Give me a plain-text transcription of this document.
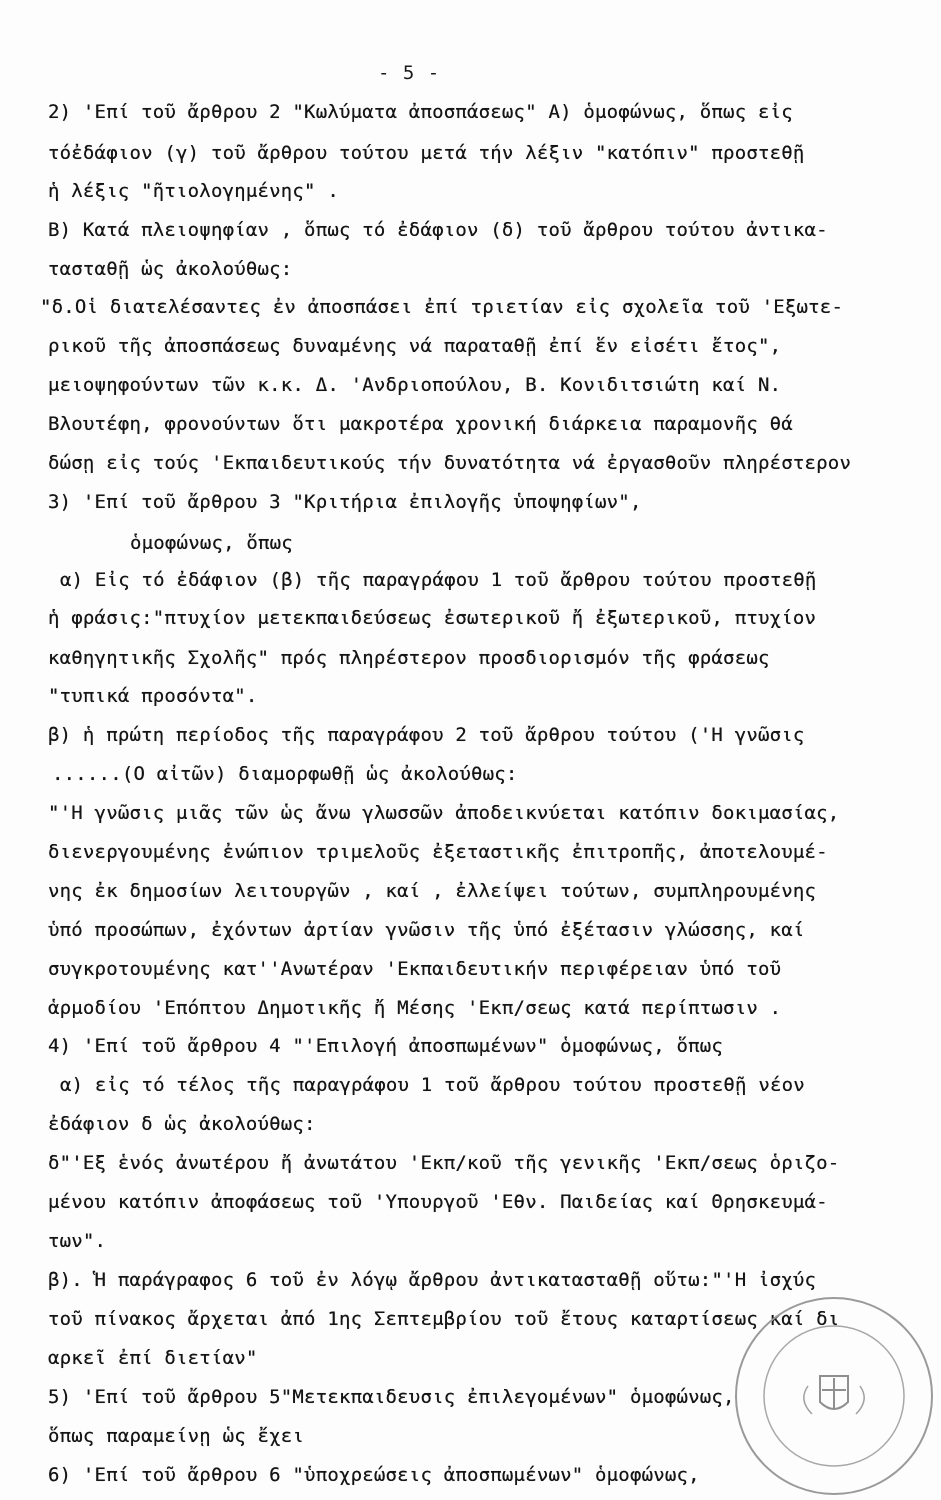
- 5 -
2) 'Επί τοῦ ἄρθρου 2 "Κωλύματα ἀποσπάσεως" Α) ὁμοφώνως, ὅπως εἰς
τόἐδάφιον (γ) τοῦ ἄρθρου τούτου μετά τήν λέξιν "κατόπιν" προστεθῇ
ἡ λέξις "ῆτιολογημένης" .
Β) Κατά πλειοψηφίαν , ὅπως τό ἐδάφιον (δ) τοῦ ἄρθρου τούτου ἀντικα-
τασταθῇ ὡς ἀκολούθως:
"δ.Οἱ διατελέσαντες ἐν ἀποσπάσει ἐπί τριετίαν εἰς σχολεῖα τοῦ 'Εξωτε-
ρικοῦ τῆς ἀποσπάσεως δυναμένης νά παραταθῇ ἐπί ἕν εἰσέτι ἔτος",
μειοψηφούντων τῶν κ.κ. Δ. 'Ανδριοπούλου, Β. Κονιδιτσιώτη καί Ν.
Βλουτέφη, φρονούντων ὅτι μακροτέρα χρονική διάρκεια παραμονῆς θά
δώσῃ εἰς τούς 'Εκπαιδευτικούς τήν δυνατότητα νά ἐργασθοῦν πληρέστερον
3) 'Επί τοῦ ἄρθρου 3 "Κριτήρια ἐπιλογῆς ὑποψηφίων",
ὁμοφώνως, ὅπως
α) Εἰς τό ἐδάφιον (β) τῆς παραγράφου 1 τοῦ ἄρθρου τούτου προστεθῇ
ἡ φράσις:"πτυχίον μετεκπαιδεύσεως ἐσωτερικοῦ ἤ ἐξωτερικοῦ, πτυχίον
καθηγητικῆς Σχολῆς" πρός πληρέστερον προσδιορισμόν τῆς φράσεως
"τυπικά προσόντα".
β) ἡ πρώτη περίοδος τῆς παραγράφου 2 τοῦ ἄρθρου τούτου ('Η γνῶσις
......(Ο αἰτῶν) διαμορφωθῇ ὡς ἀκολούθως:
"'Η γνῶσις μιᾶς τῶν ὡς ἄνω γλωσσῶν ἀποδεικνύεται κατόπιν δοκιμασίας,
διενεργουμένης ἐνώπιον τριμελοῦς ἐξεταστικῆς ἐπιτροπῆς, ἀποτελουμέ-
νης ἐκ δημοσίων λειτουργῶν , καί , ἐλλείψει τούτων, συμπληρουμένης
ὑπό προσώπων, ἐχόντων ἀρτίαν γνῶσιν τῆς ὑπό ἐξέτασιν γλώσσης, καί
συγκροτουμένης κατ''Ανωτέραν 'Εκπαιδευτικήν περιφέρειαν ὑπό τοῦ
ἁρμοδίου 'Επόπτου Δημοτικῆς ἤ Μέσης 'Εκπ/σεως κατά περίπτωσιν .
4) 'Επί τοῦ ἄρθρου 4 "'Επιλογή ἀποσπωμένων" ὁμοφώνως, ὅπως
α) εἰς τό τέλος τῆς παραγράφου 1 τοῦ ἄρθρου τούτου προστεθῇ νέον
ἐδάφιον δ ὡς ἀκολούθως:
δ"'Εξ ἑνός ἀνωτέρου ἤ ἀνωτάτου 'Εκπ/κοῦ τῆς γενικῆς 'Εκπ/σεως ὁριζο-
μένου κατόπιν ἀποφάσεως τοῦ 'Υπουργοῦ 'Εθν. Παιδείας καί Θρησκευμά-
των".
β). Ἡ παράγραφος 6 τοῦ ἐν λόγῳ ἄρθρου ἀντικατασταθῇ οὕτω:"'Η ἰσχύς
τοῦ πίνακος ἄρχεται ἀπό 1ης Σεπτεμβρίου τοῦ ἔτους καταρτίσεως καί δι
αρκεῖ ἐπί διετίαν"
5) 'Επί τοῦ ἄρθρου 5"Μετεκπαιδευσις ἐπιλεγομένων" ὁμοφώνως,
ὅπως παραμείνῃ ὡς ἔχει
6) 'Επί τοῦ ἄρθρου 6 "ὑποχρεώσεις ἀποσπωμένων" ὁμοφώνως,
